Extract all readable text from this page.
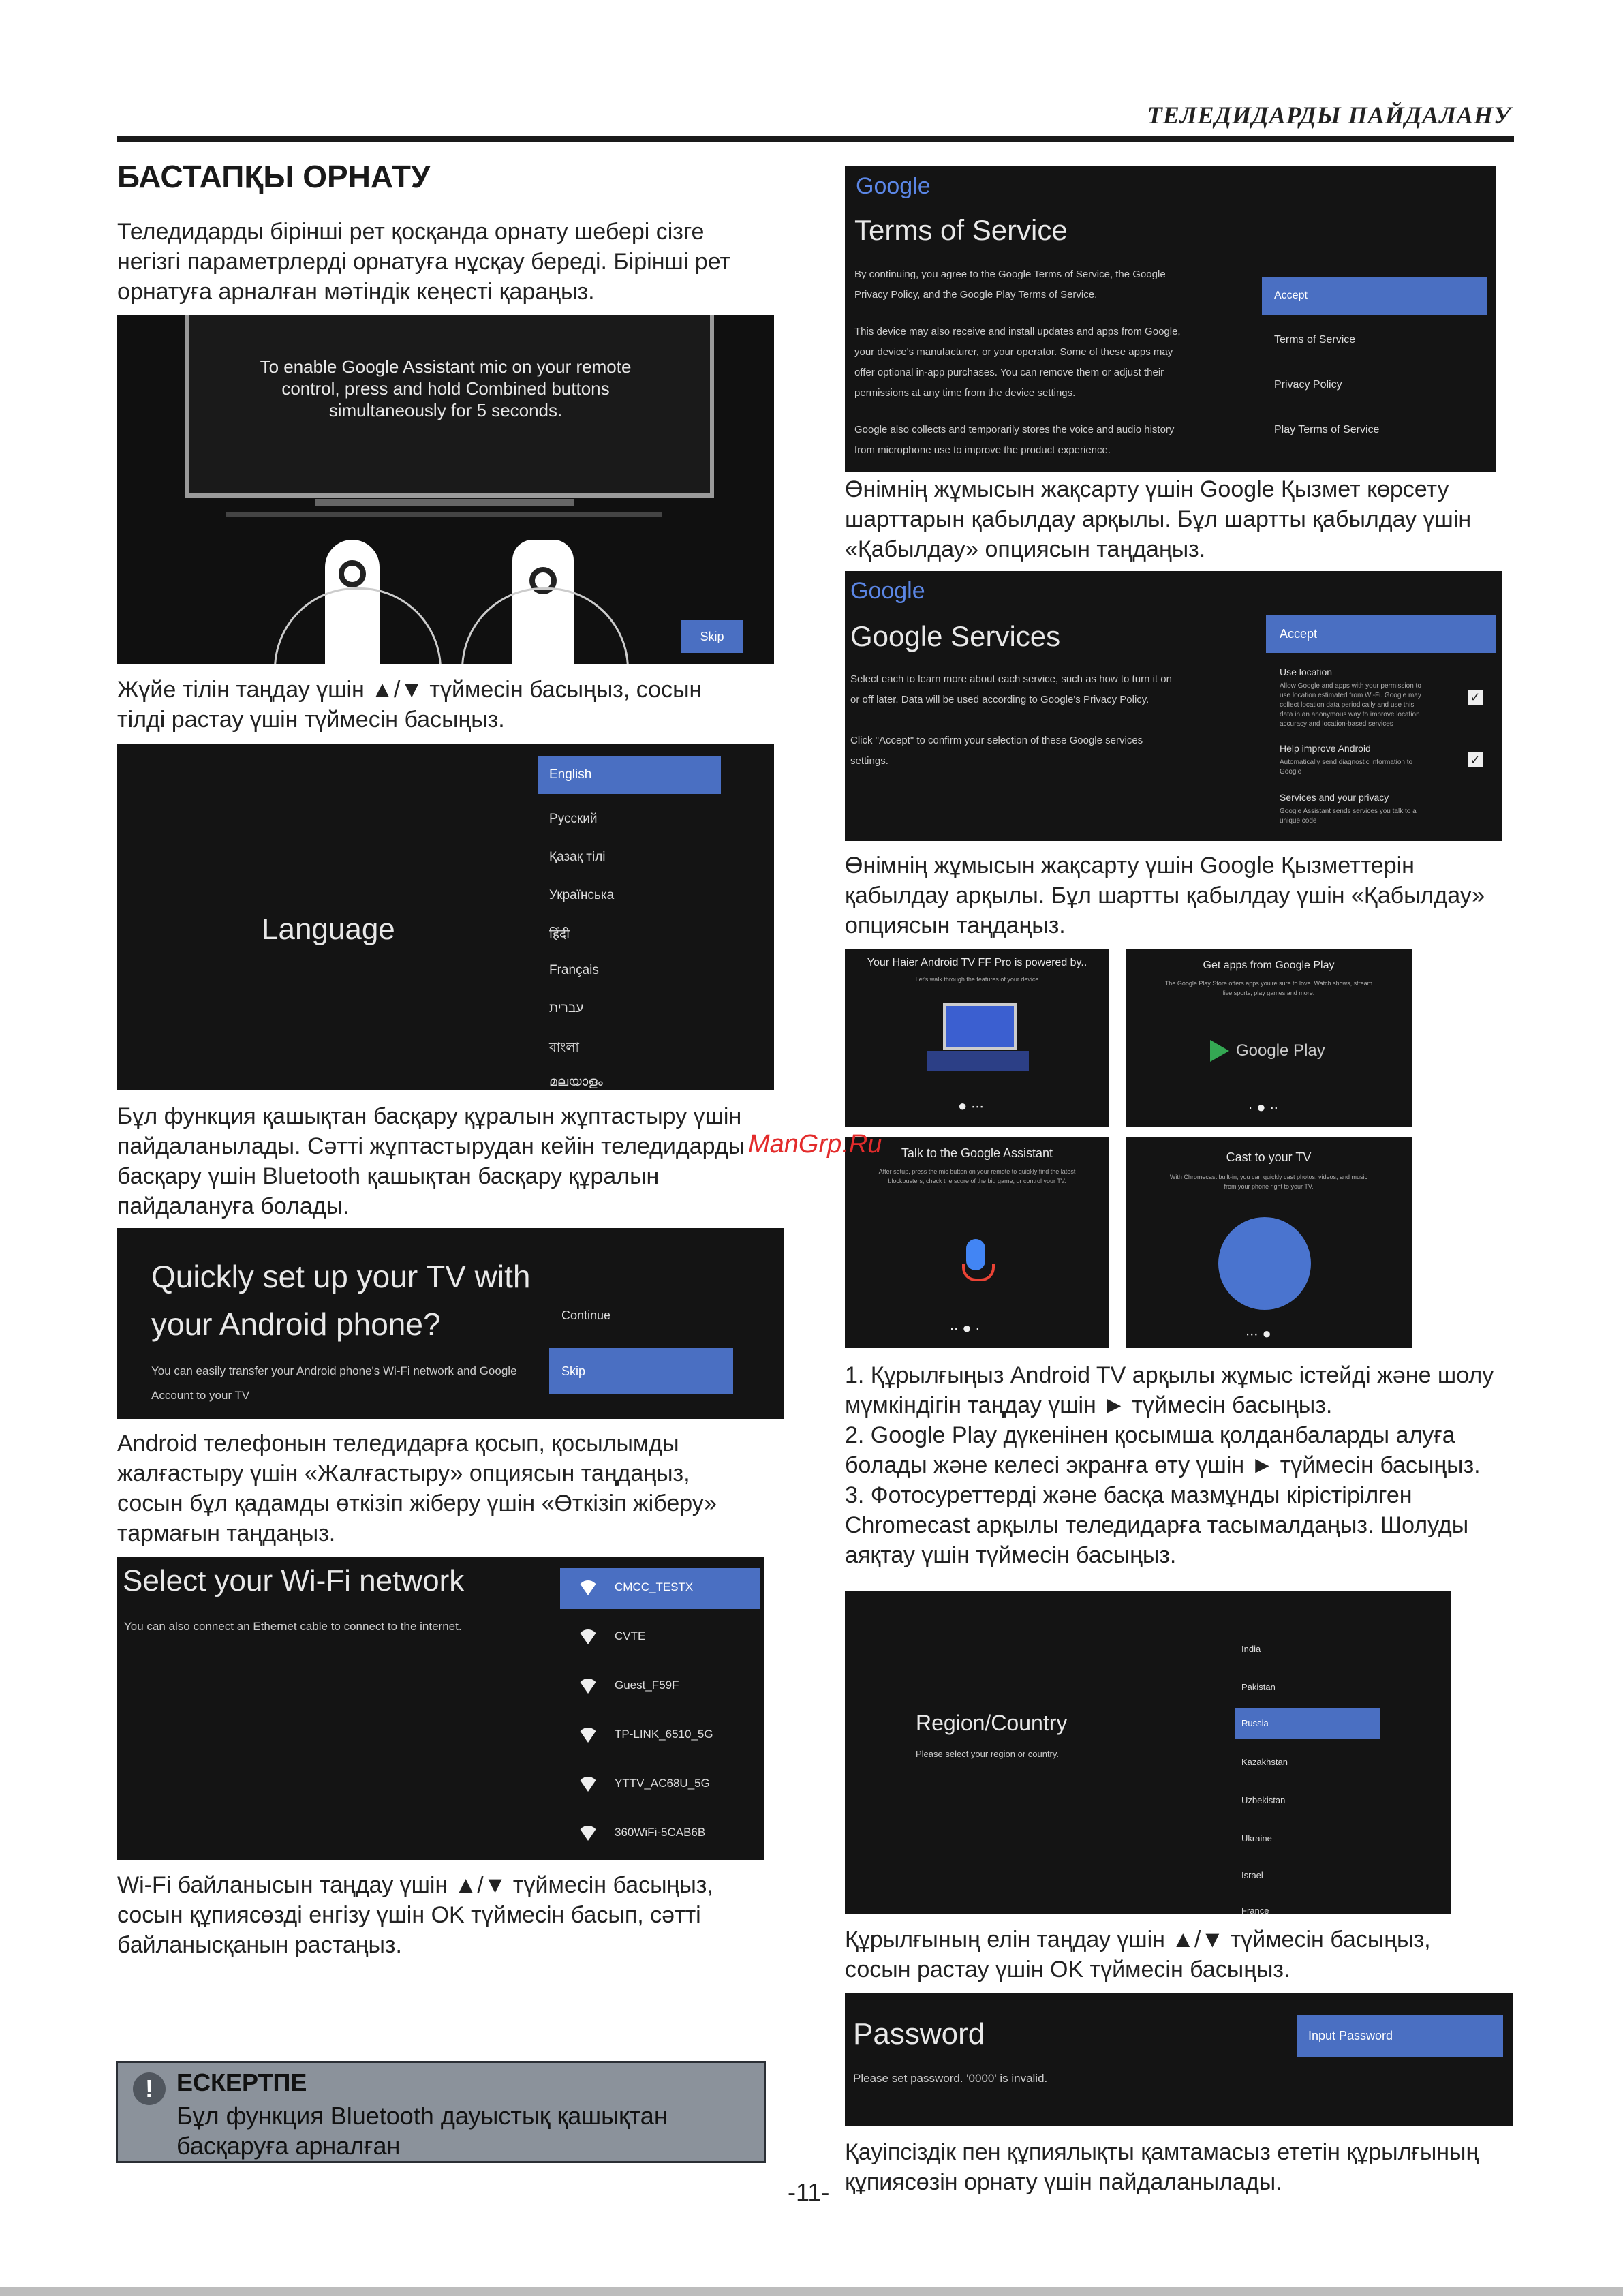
ТЕЛЕДИДАРДЫ ПАЙДАЛАНУ
БАСТАПҚЫ ОРНАТУ
Теледидарды бірінші рет қосқанда орнату шебері сізге
негізгі параметрлерді орнатуға нұсқау береді. Бірінші рет
орнатуға арналған мәтіндік кеңесті қараңыз.
To enable Google Assistant mic on your remote
control, press and hold Combined buttons
simultaneously for 5 seconds.
Skip
Жүйе тілін таңдау үшін ▲/▼ түймесін басыңыз, сосын
тілді растау үшін түймесін басыңыз.
Language
English
Русский
Қазақ тілі
Українська
हिंदी
Français
עברית
বাংলা
മലയാളം
Бұл функция қашықтан басқару құралын жұптастыру үшін
пайдаланылады. Сәтті жұптастырудан кейін теледидарды
басқару үшін Bluetooth қашықтан басқару құралын
пайдалануға болады.
Quickly set up your TV with
your Android phone?
You can easily transfer your Android phone's Wi-Fi network and Google
Account to your TV
Continue
Skip
Android телефонын теледидарға қосып, қосылымды
жалғастыру үшін «Жалғастыру» опциясын таңдаңыз,
сосын бұл қадамды өткізіп жіберу үшін «Өткізіп жіберу»
тармағын таңдаңыз.
Select your Wi-Fi network
You can also connect an Ethernet cable to connect to the internet.
CMCC_TESTX
CVTE
Guest_F59F
TP-LINK_6510_5G
YTTV_AC68U_5G
360WiFi-5CAB6B
Wi-Fi байланысын таңдау үшін ▲/▼ түймесін басыңыз,
сосын құпиясөзді енгізу үшін OK түймесін басып, сәтті
байланысқанын растаңыз.
! ЕСКЕРТПЕ
Бұл функция Bluetooth дауыстық қашықтан
басқаруға арналған
Google
Terms of Service
By continuing, you agree to the Google Terms of Service, the Google
Privacy Policy, and the Google Play Terms of Service.
This device may also receive and install updates and apps from Google,
your device's manufacturer, or your operator. Some of these apps may
offer optional in-app purchases. You can remove them or adjust their
permissions at any time from the device settings.
Google also collects and temporarily stores the voice and audio history
from microphone use to improve the product experience.
Accept
Terms of Service
Privacy Policy
Play Terms of Service
Өнімнің жұмысын жақсарту үшін Google Қызмет көрсету
шарттарын қабылдау арқылы. Бұл шартты қабылдау үшін
«Қабылдау» опциясын таңдаңыз.
Google
Google Services
Select each to learn more about each service, such as how to turn it on
or off later. Data will be used according to Google's Privacy Policy.
Click "Accept" to confirm your selection of these Google services
settings.
Accept
Use location
Allow Google and apps with your permission to
use location estimated from Wi-Fi. Google may
collect location data periodically and use this
data in an anonymous way to improve location
accuracy and location-based services
✓
Help improve Android
Automatically send diagnostic information to
Google
✓
Services and your privacy
Google Assistant sends services you talk to a
unique code
Өнімнің жұмысын жақсарту үшін Google Қызметтерін
қабылдау арқылы. Бұл шартты қабылдау үшін «Қабылдау»
опциясын таңдаңыз.
Your Haier Android TV FF Pro is powered by..
Let's walk through the features of your device
● ∙∙∙
Get apps from Google Play
The Google Play Store offers apps you're sure to love. Watch shows, stream
live sports, play games and more.
Google Play
∙ ● ∙∙
Talk to the Google Assistant
After setup, press the mic button on your remote to quickly find the latest
blockbusters, check the score of the big game, or control your TV.
∙∙ ● ∙
Cast to your TV
With Chromecast built-in, you can quickly cast photos, videos, and music
from your phone right to your TV.
∙∙∙ ●
ManGrp.Ru
1. Құрылғыңыз Android TV арқылы жұмыс істейді және шолу
мүмкіндігін таңдау үшін ► түймесін басыңыз.
2. Google Play дүкенінен қосымша қолданбаларды алуға
болады және келесі экранға өту үшін ► түймесін басыңыз.
3. Фотосуреттерді және басқа мазмұнды кірістірілген
Chromecast арқылы теледидарға тасымалдаңыз. Шолуды
аяқтау үшін түймесін басыңыз.
Region/Country
Please select your region or country.
India
Pakistan
Russia
Kazakhstan
Uzbekistan
Ukraine
Israel
France
Құрылғының елін таңдау үшін ▲/▼ түймесін басыңыз,
сосын растау үшін OK түймесін басыңыз.
Password
Please set password. '0000' is invalid.
Input Password
Қауіпсіздік пен құпиялықты қамтамасыз ететін құрылғының
құпиясөзін орнату үшін пайдаланылады.
-11-
